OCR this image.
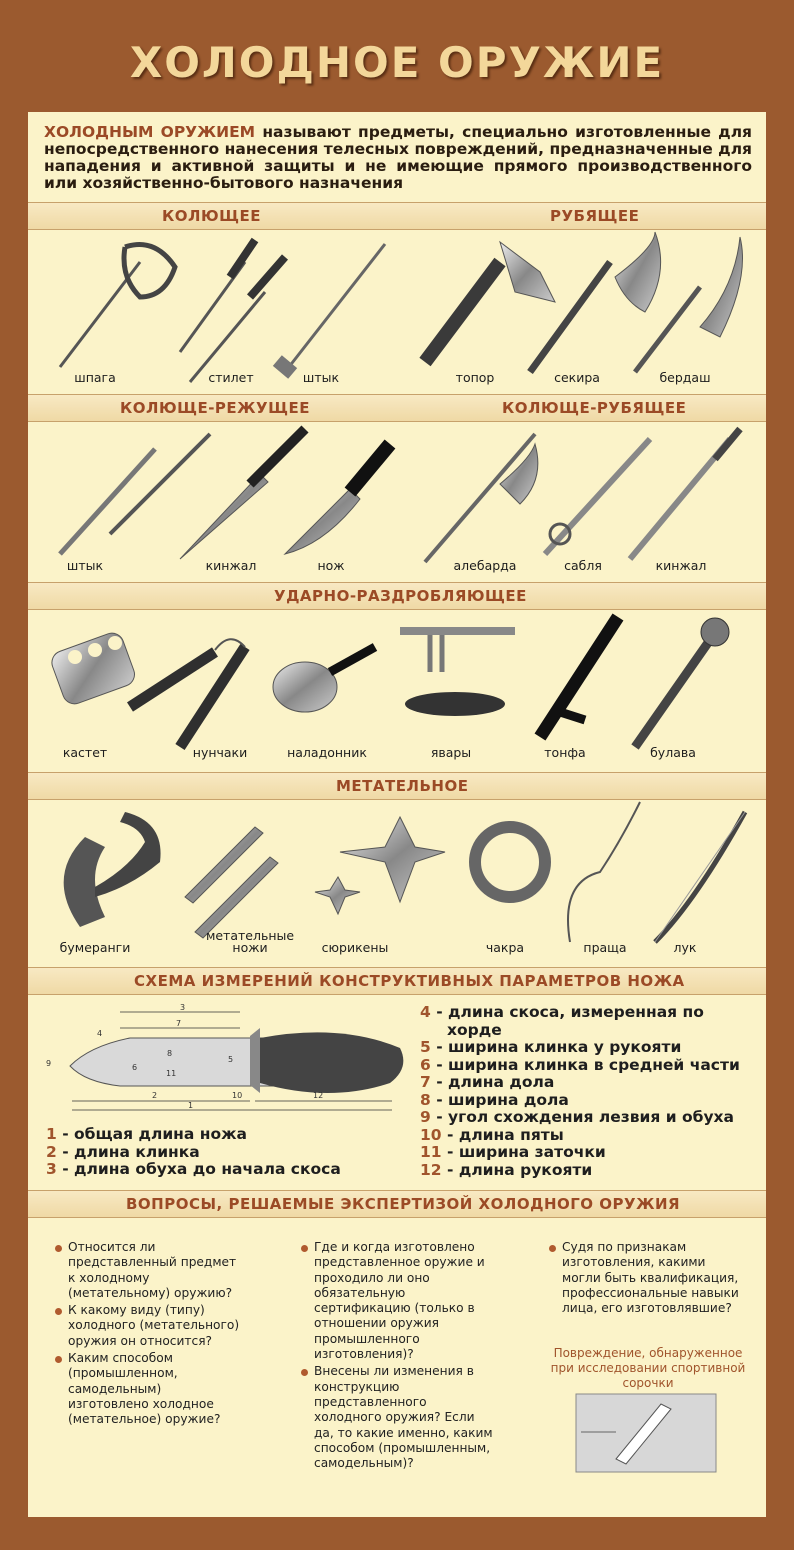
ХОЛОДНОЕ ОРУЖИЕ
ХОЛОДНЫМ ОРУЖИЕМ называют предметы, специально изготовленные для непосредственного нанесения телесных повреждений, предназначенные для нападения и активной защиты и не имеющие прямого производственного или хозяйственно-бытового назначения
КОЛЮЩЕЕ	РУБЯЩЕЕ
КОЛЮЩЕ-РЕЖУЩЕЕ	КОЛЮЩЕ-РУБЯЩЕЕ
УДАРНО-РАЗДРОБЛЯЮЩЕЕ
МЕТАТЕЛЬНОЕ
СХЕМА ИЗМЕРЕНИЙ КОНСТРУКТИВНЫХ ПАРАМЕТРОВ НОЖА
ВОПРОСЫ, РЕШАЕМЫЕ ЭКСПЕРТИЗОЙ ХОЛОДНОГО ОРУЖИЯ
шпага	стилет	штык	топор	секира	бердаш
штык	кинжал	нож	алебарда	сабля	кинжал
кастет	нунчаки	наладонник	явары	тонфа	булава
бумеранги
метательные ножи	сюрикены	чакра	праща	лук
3
7
2
1
12
4
5
6
8
9
10
11
1 - общая длина ножа
2 - длина клинка
3 - длина обуха до начала скоса
4 - длина скоса, измеренная по
хорде
5 - ширина клинка у рукояти
6 - ширина клинка в средней части
7 - длина дола
8 - ширина дола
9 - угол схождения лезвия и обуха
10 - длина пяты
11 - ширина заточки
12 - длина рукояти
Относится ли представленный предмет к холодному (метательному) оружию?
К какому виду (типу) холодного (метательного) оружия он относится?
Каким способом (промышленном, самодельным) изготовлено холодное (метательное) оружие?
Где и когда изготовлено представленное оружие и проходило ли оно обязательную сертификацию (только в отношении оружия промышленного изготовления)?
Внесены ли изменения в конструкцию представленного холодного оружия? Если да, то какие именно, каким способом (промышленным, самодельным)?
Судя по признакам изготовления, какими могли быть квалификация, профессиональные навыки лица, его изготовлявшие?
Повреждение, обнаруженное при исследовании спортивной сорочки
